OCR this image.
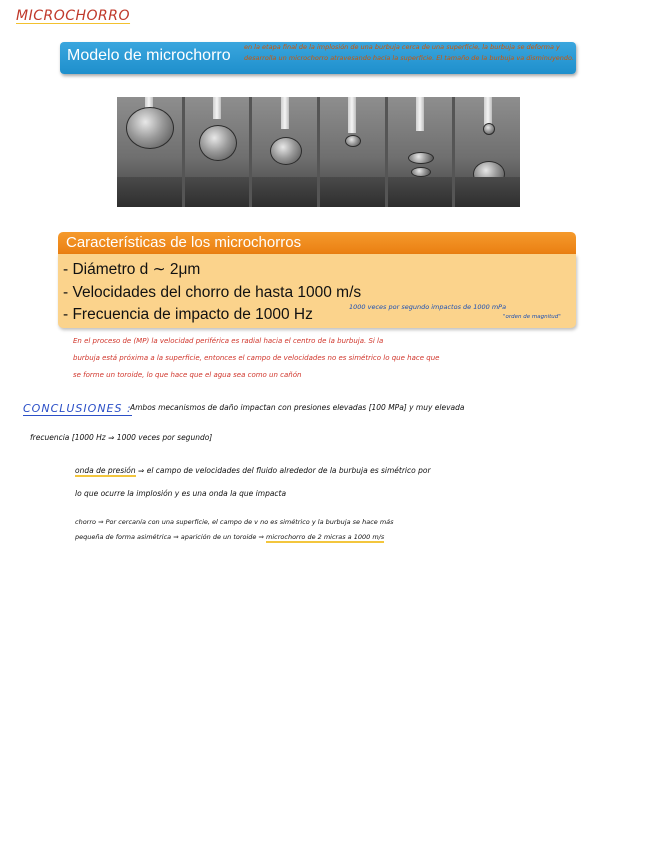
MICROCHORRO
Modelo de microchorro en la etapa final de la implosión de una burbuja cerca de una superficie, la burbuja se deforma y desarrolla un microchorro atravesando hacia la superficie. El tamaño de la burbuja va disminuyendo.
Características de los microchorros
- Diámetro d ∼ 2μm
- Velocidades del chorro de hasta 1000 m/s
- Frecuencia de impacto de 1000 Hz	1000 veces por segundo impactos de 1000 mPa
"orden de magnitud"
En el proceso de (MP) la velocidad periférica es radial hacia el centro de la burbuja. Si la
burbuja está próxima a la superficie, entonces el campo de velocidades no es simétrico lo que hace que
se forme un toroide, lo que hace que el agua sea como un cañón
CONCLUSIONES :
Ambos mecanismos de daño impactan con presiones elevadas [100 MPa] y muy elevada
frecuencia [1000 Hz ⇒ 1000 veces por segundo]
onda de presión ⇒ el campo de velocidades del fluido alrededor de la burbuja es simétrico por
lo que ocurre la implosión y es una onda la que impacta
chorro ⇒ Por cercanía con una superficie, el campo de v no es simétrico y la burbuja se hace más
pequeña de forma asimétrica ⇒ aparición de un toroide ⇒ microchorro de 2 micras a 1000 m/s
